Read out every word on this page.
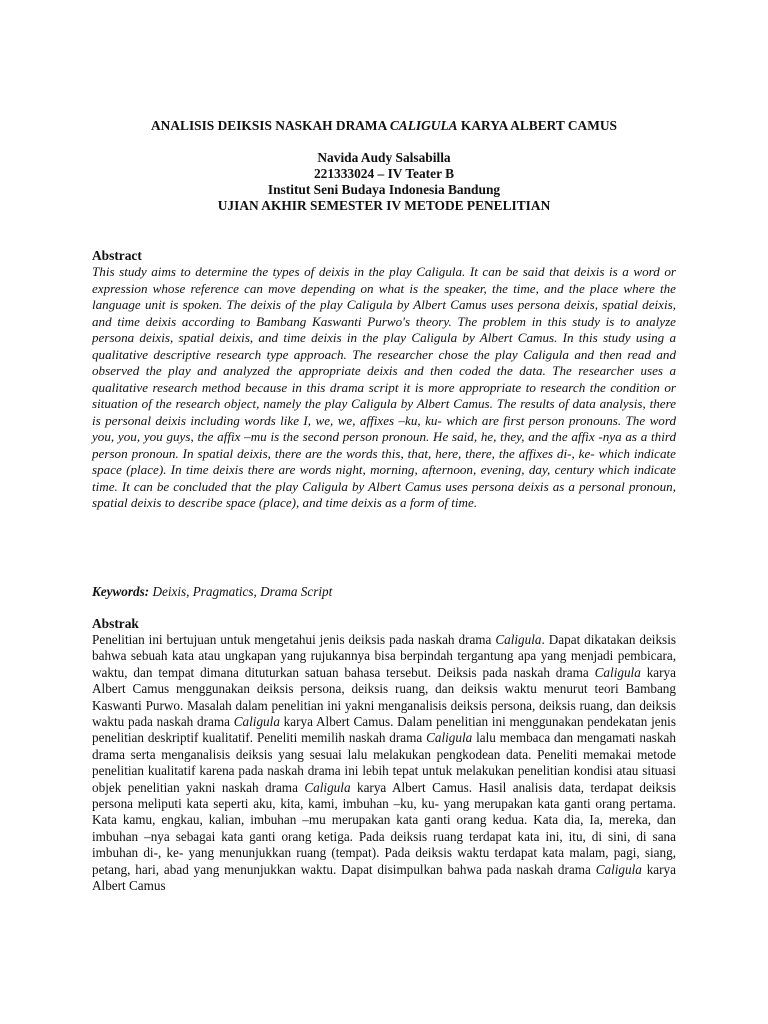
ANALISIS DEIKSIS NASKAH DRAMA CALIGULA KARYA ALBERT CAMUS
Navida Audy Salsabilla
221333024 – IV Teater B
Institut Seni Budaya Indonesia Bandung
UJIAN AKHIR SEMESTER IV METODE PENELITIAN
Abstract

This study aims to determine the types of deixis in the play Caligula. It can be said that deixis is a word or expression whose reference can move depending on what is the speaker, the time, and the place where the language unit is spoken. The deixis of the play Caligula by Albert Camus uses persona deixis, spatial deixis, and time deixis according to Bambang Kaswanti Purwo's theory. The problem in this study is to analyze persona deixis, spatial deixis, and time deixis in the play Caligula by Albert Camus. In this study using a qualitative descriptive research type approach. The researcher chose the play Caligula and then read and observed the play and analyzed the appropriate deixis and then coded the data. The researcher uses a qualitative research method because in this drama script it is more appropriate to research the condition or situation of the research object, namely the play Caligula by Albert Camus. The results of data analysis, there is personal deixis including words like I, we, we, affixes –ku, ku- which are first person pronouns. The word you, you, you guys, the affix –mu is the second person pronoun. He said, he, they, and the affix -nya as a third person pronoun. In spatial deixis, there are the words this, that, here, there, the affixes di-, ke- which indicate space (place). In time deixis there are words night, morning, afternoon, evening, day, century which indicate time. It can be concluded that the play Caligula by Albert Camus uses persona deixis as a personal pronoun, spatial deixis to describe space (place), and time deixis as a form of time.

Keywords: Deixis, Pragmatics, Drama Script
Abstrak

Penelitian ini bertujuan untuk mengetahui jenis deiksis pada naskah drama Caligula. Dapat dikatakan deiksis bahwa sebuah kata atau ungkapan yang rujukannya bisa berpindah tergantung apa yang menjadi pembicara, waktu, dan tempat dimana dituturkan satuan bahasa tersebut. Deiksis pada naskah drama Caligula karya Albert Camus menggunakan deiksis persona, deiksis ruang, dan deiksis waktu menurut teori Bambang Kaswanti Purwo. Masalah dalam penelitian ini yakni menganalisis deiksis persona, deiksis ruang, dan deiksis waktu pada naskah drama Caligula karya Albert Camus. Dalam penelitian ini menggunakan pendekatan jenis penelitian deskriptif kualitatif. Peneliti memilih naskah drama Caligula lalu membaca dan mengamati naskah drama serta menganalisis deiksis yang sesuai lalu melakukan pengkodean data. Peneliti memakai metode penelitian kualitatif karena pada naskah drama ini lebih tepat untuk melakukan penelitian kondisi atau situasi objek penelitian yakni naskah drama Caligula karya Albert Camus. Hasil analisis data, terdapat deiksis persona meliputi kata seperti aku, kita, kami, imbuhan –ku, ku- yang merupakan kata ganti orang pertama. Kata kamu, engkau, kalian, imbuhan –mu merupakan kata ganti orang kedua. Kata dia, Ia, mereka, dan imbuhan –nya sebagai kata ganti orang ketiga. Pada deiksis ruang terdapat kata ini, itu, di sini, di sana imbuhan di-, ke- yang menunjukkan ruang (tempat). Pada deiksis waktu terdapat kata malam, pagi, siang, petang, hari, abad yang menunjukkan waktu. Dapat disimpulkan bahwa pada naskah drama Caligula karya Albert Camus
